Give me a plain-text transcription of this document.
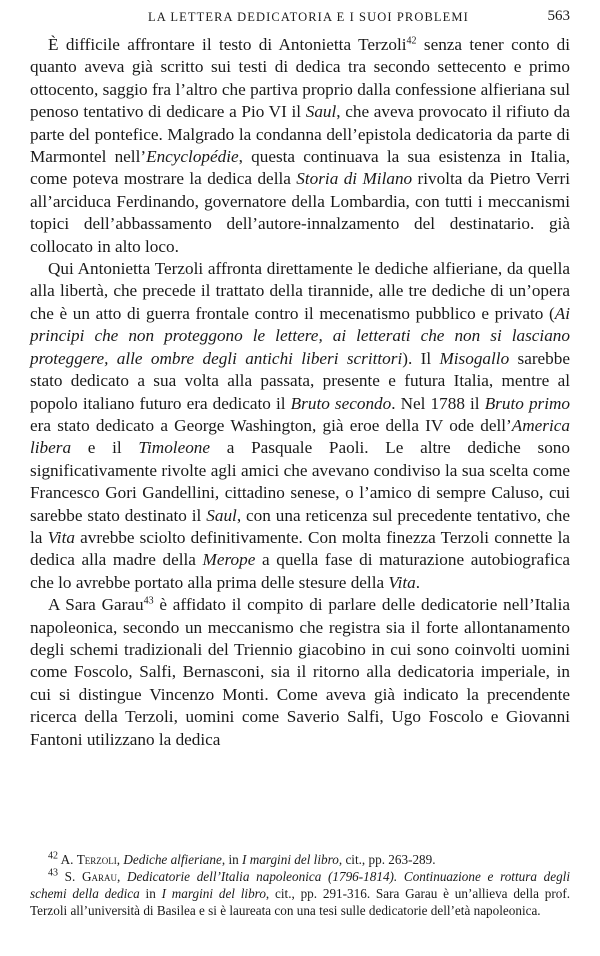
LA LETTERA DEDICATORIA E I SUOI PROBLEMI	563

È difficile affrontare il testo di Antonietta Terzoli$^{42}$ senza tener conto di quanto aveva già scritto sui testi di dedica tra secondo settecento e primo ottocento, saggio fra l’altro che partiva proprio dalla confessione alfieriana sul penoso tentativo di dedicare a Pio VI il Saul, che aveva provocato il rifiuto da parte del pontefice. Malgrado la condanna dell’epistola dedicatoria da parte di Marmontel nell’Encyclopédie, questa continuava la sua esistenza in Italia, come poteva mostrare la dedica della Storia di Milano rivolta da Pietro Verri all’arciduca Ferdinando, governatore della Lombardia, con tutti i meccanismi topici dell’abbassamento dell’autore-innalzamento del destinatario. già collocato in alto loco.

Qui Antonietta Terzoli affronta direttamente le dediche alfieriane, da quella alla libertà, che precede il trattato della tirannide, alle tre dediche di un’opera che è un atto di guerra frontale contro il mecenatismo pubblico e privato (Ai principi che non proteggono le lettere, ai letterati che non si lasciano proteggere, alle ombre degli antichi liberi scrittori). Il Misogallo sarebbe stato dedicato a sua volta alla passata, presente e futura Italia, mentre al popolo italiano futuro era dedicato il Bruto secondo. Nel 1788 il Bruto primo era stato dedicato a George Washington, già eroe della IV ode dell’America libera e il Timoleone a Pasquale Paoli. Le altre dediche sono significativamente rivolte agli amici che avevano condiviso la sua scelta come Francesco Gori Gandellini, cittadino senese, o l’amico di sempre Caluso, cui sarebbe stato destinato il Saul, con una reticenza sul precedente tentativo, che la Vita avrebbe sciolto definitivamente. Con molta finezza Terzoli connette la dedica alla madre della Merope a quella fase di maturazione autobiografica che lo avrebbe portato alla prima delle stesure della Vita.

A Sara Garau$^{43}$ è affidato il compito di parlare delle dedicatorie nell’Italia napoleonica, secondo un meccanismo che registra sia il forte allontanamento degli schemi tradizionali del Triennio giacobino in cui sono coinvolti uomini come Foscolo, Salfi, Bernasconi, sia il ritorno alla dedicatoria imperiale, in cui si distingue Vincenzo Monti. Come aveva già indicato la precendente ricerca della Terzoli, uomini come Saverio Salfi, Ugo Foscolo e Giovanni Fantoni utilizzano la dedica

$^{42}$ A. Terzoli, Dediche alfieriane, in I margini del libro, cit., pp. 263-289.

$^{43}$ S. Garau, Dedicatorie dell’Italia napoleonica (1796-1814). Continuazione e rottura degli schemi della dedica in I margini del libro, cit., pp. 291-316. Sara Garau è un’allieva della prof. Terzoli all’università di Basilea e si è laureata con una tesi sulle dedicatorie dell’età napoleonica.
